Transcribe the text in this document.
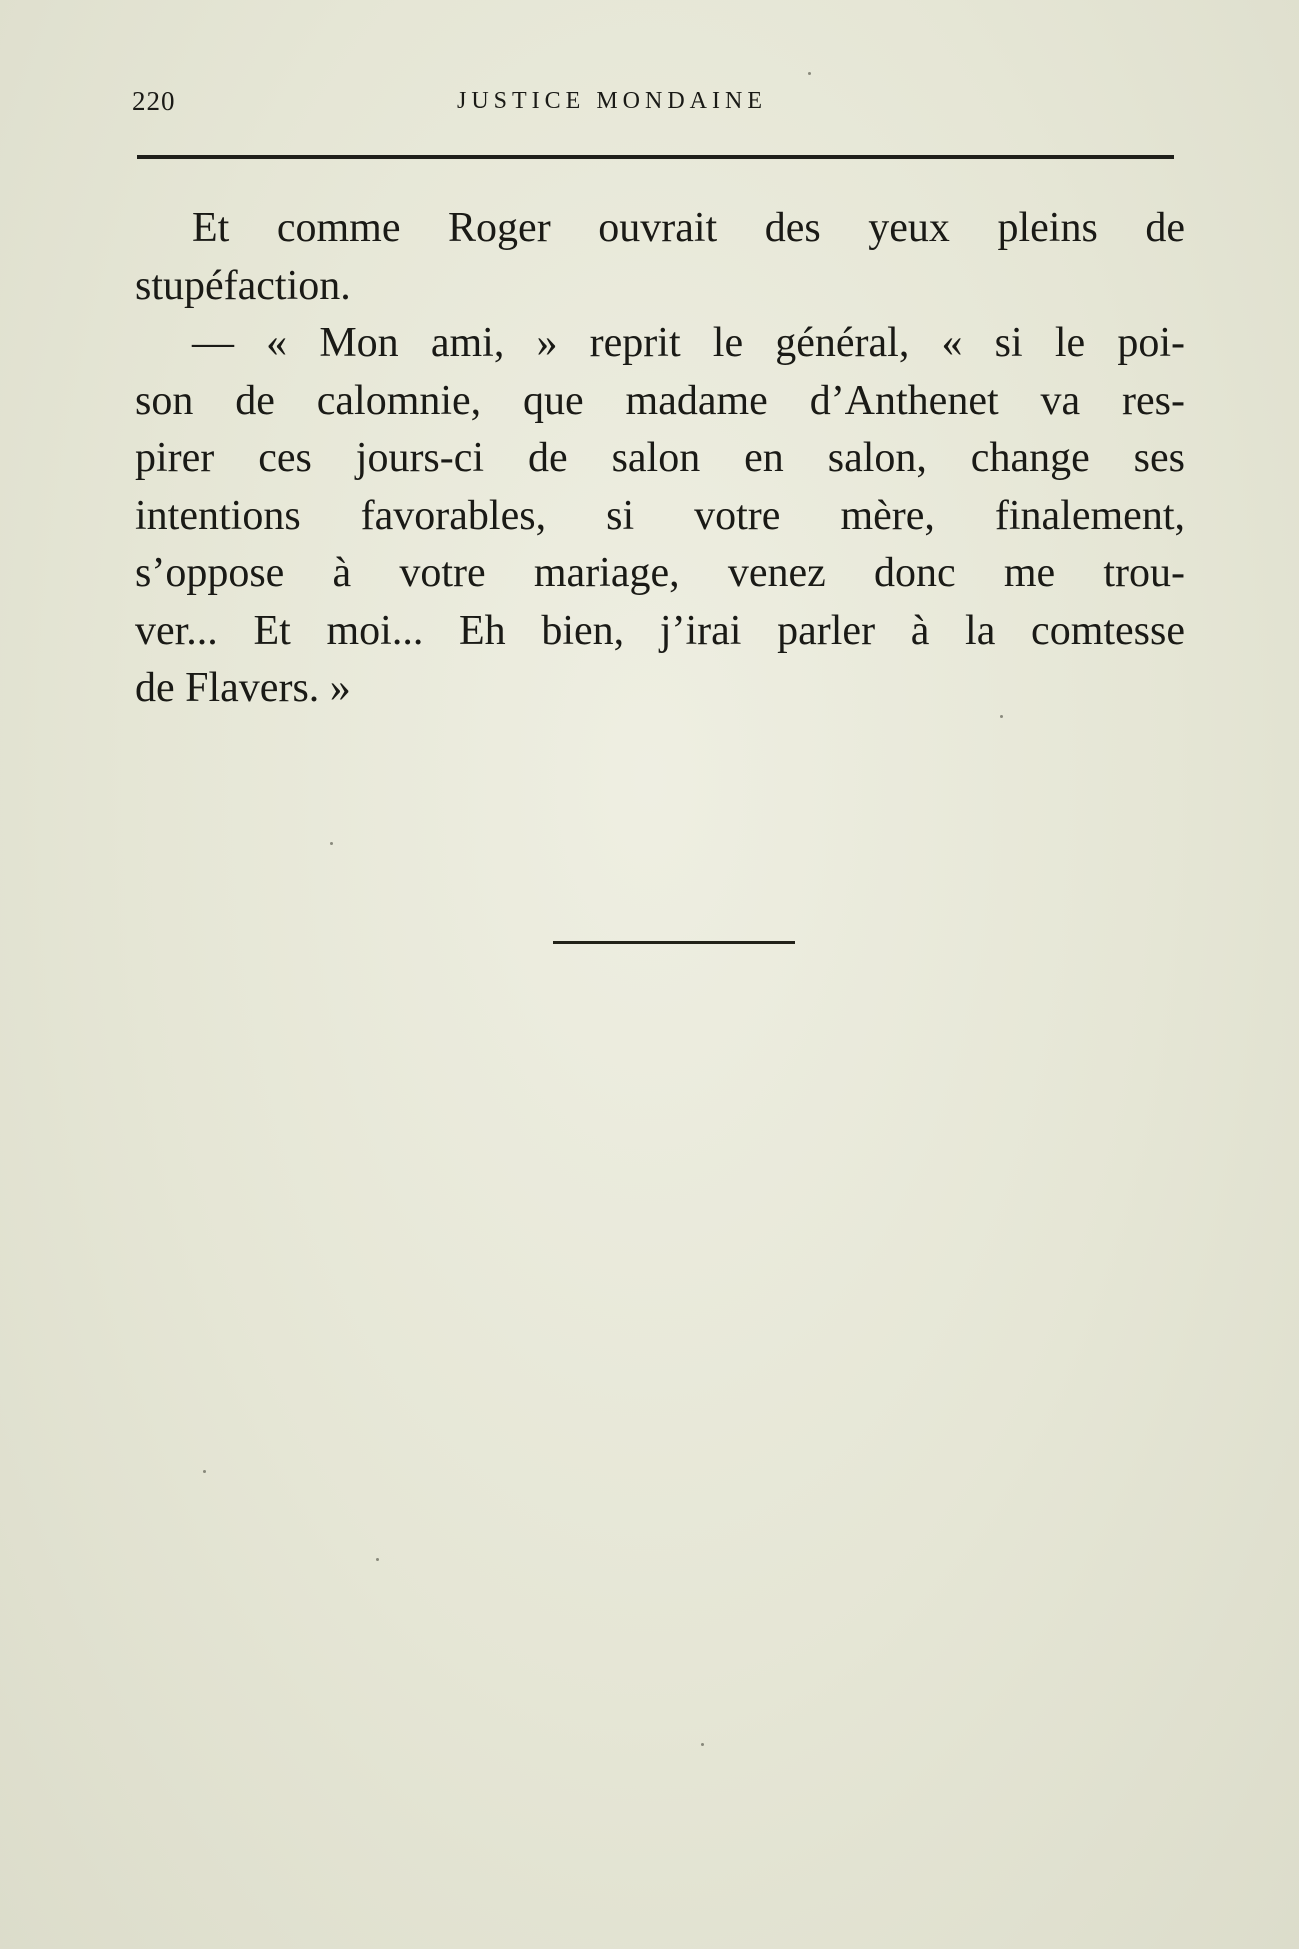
220	JUSTICE MONDAINE
Et comme Roger ouvrait des yeux pleins de
stupéfaction.
— « Mon ami, » reprit le général, « si le poi-
son de calomnie, que madame d’Anthenet va res-
pirer ces jours-ci de salon en salon, change ses
intentions favorables, si votre mère, finalement,
s’oppose à votre mariage, venez donc me trou-
ver... Et moi... Eh bien, j’irai parler à la comtesse
de Flavers. »
